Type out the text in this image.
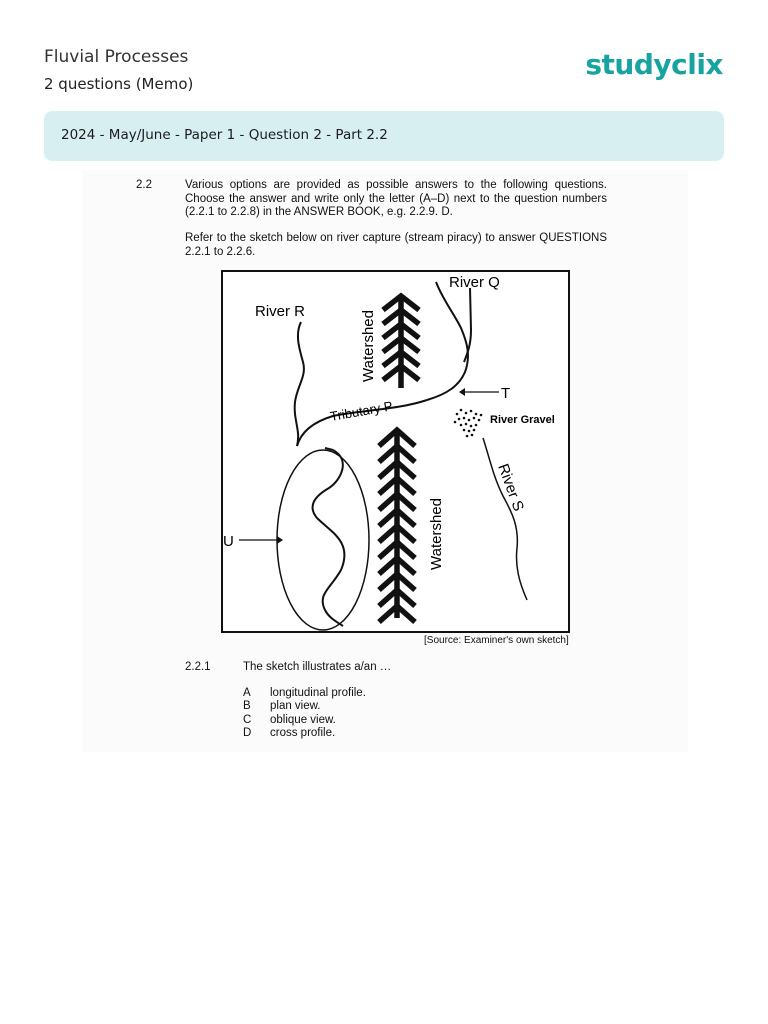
Fluvial Processes
2 questions (Memo)
studyclix
2024 - May/June - Paper 1 - Question 2 - Part 2.2
2.2	Various options are provided as possible answers to the following questions. Choose the answer and write only the letter (A–D) next to the question numbers (2.2.1 to 2.2.8) in the ANSWER BOOK, e.g. 2.2.9. D.
Refer to the sketch below on river capture (stream piracy) to answer QUESTIONS 2.2.1 to 2.2.6.
River Q
River R	Watershed
Watershed
Tributary P
T
River Gravel
River S
U
[Source: Examiner's own sketch]
2.2.1	The sketch illustrates a/an …
A longitudinal profile.
B plan view.
C oblique view.
D cross profile.
